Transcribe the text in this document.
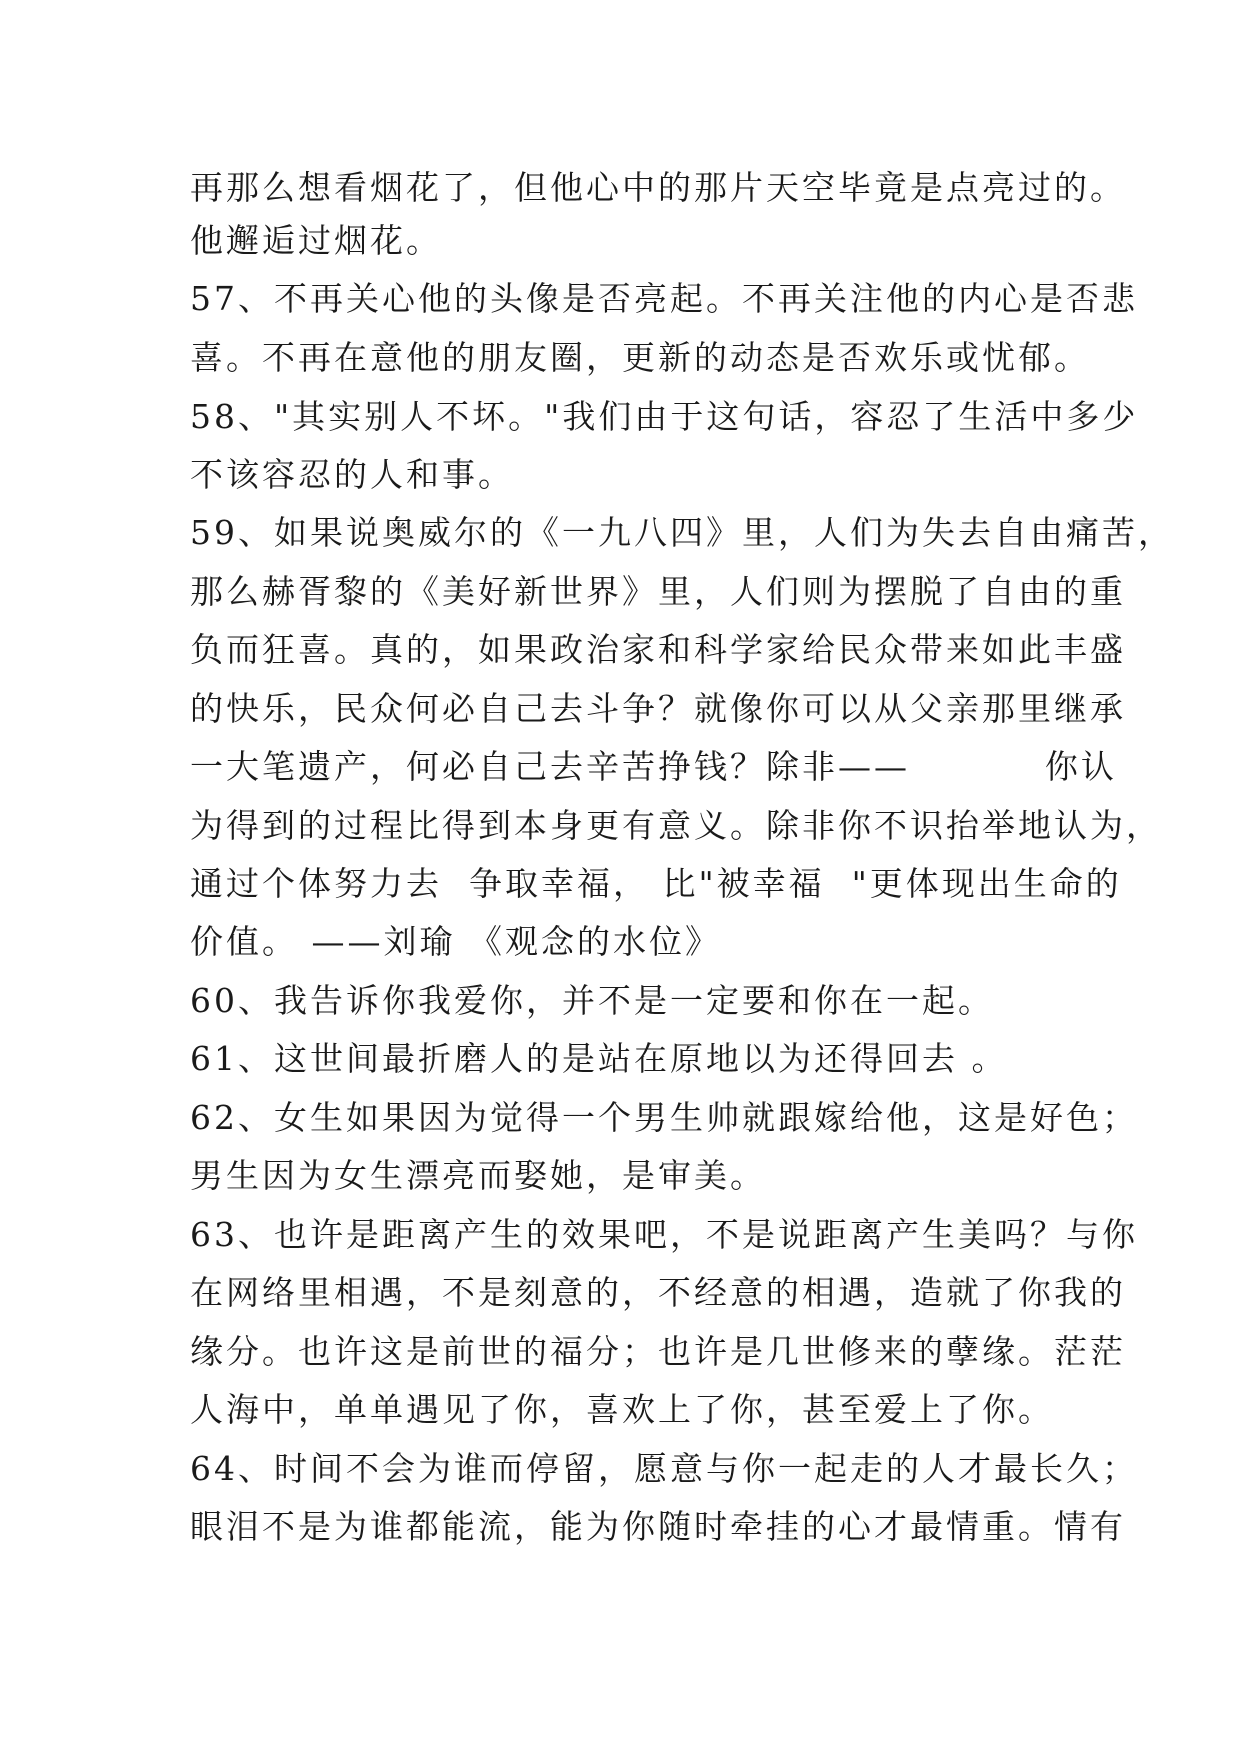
再那么想看烟花了，但他心中的那片天空毕竟是点亮过的。
他邂逅过烟花。
57、不再关心他的头像是否亮起。不再关注他的内心是否悲
喜。不再在意他的朋友圈，更新的动态是否欢乐或忧郁。
58、"其实别人不坏。"我们由于这句话，容忍了生活中多少
不该容忍的人和事。
59、如果说奥威尔的《一九八四》里，人们为失去自由痛苦，
那么赫胥黎的《美好新世界》里，人们则为摆脱了自由的重
负而狂喜。真的，如果政治家和科学家给民众带来如此丰盛
的快乐，民众何必自己去斗争？就像你可以从父亲那里继承
一大笔遗产，何必自己去辛苦挣钱？除非——          你认
为得到的过程比得到本身更有意义。除非你不识抬举地认为，
通过个体努力去  争取幸福， 比"被幸福  "更体现出生命的
价值。 ——刘瑜 《观念的水位》
60、我告诉你我爱你，并不是一定要和你在一起。
61、这世间最折磨人的是站在原地以为还得回去 。
62、女生如果因为觉得一个男生帅就跟嫁给他，这是好色；
男生因为女生漂亮而娶她，是审美。
63、也许是距离产生的效果吧，不是说距离产生美吗？与你
在网络里相遇，不是刻意的，不经意的相遇，造就了你我的
缘分。也许这是前世的福分；也许是几世修来的孽缘。茫茫
人海中，单单遇见了你，喜欢上了你，甚至爱上了你。
64、时间不会为谁而停留，愿意与你一起走的人才最长久；
眼泪不是为谁都能流，能为你随时牵挂的心才最情重。情有
